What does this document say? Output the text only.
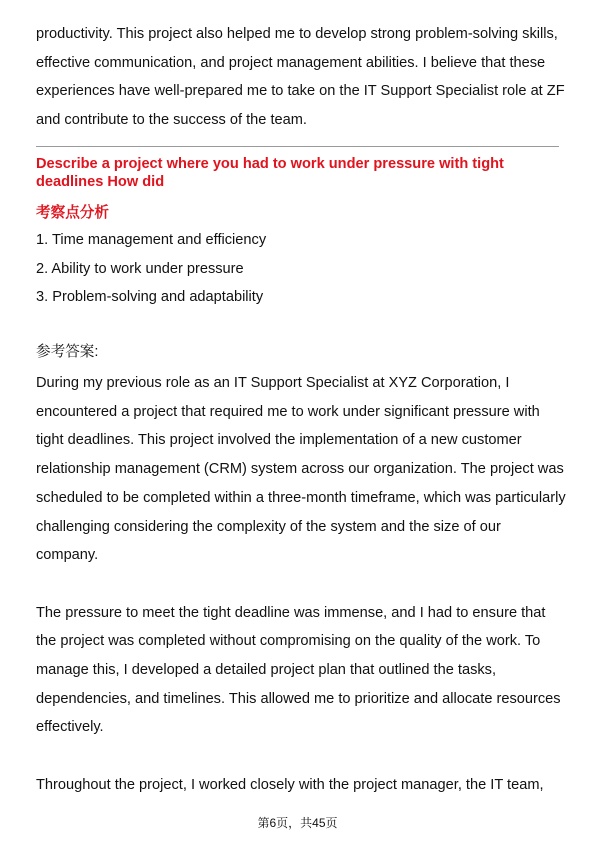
productivity. This project also helped me to develop strong problem-solving skills,
effective communication, and project management abilities. I believe that these
experiences have well-prepared me to take on the IT Support Specialist role at ZF
and contribute to the success of the team.
Describe a project where you had to work under pressure with tight
deadlines How did
考察点分析
1. Time management and efficiency
2. Ability to work under pressure
3. Problem-solving and adaptability
参考答案:
During my previous role as an IT Support Specialist at XYZ Corporation, I
encountered a project that required me to work under significant pressure with
tight deadlines. This project involved the implementation of a new customer
relationship management (CRM) system across our organization. The project was
scheduled to be completed within a three-month timeframe, which was particularly
challenging considering the complexity of the system and the size of our
company.

The pressure to meet the tight deadline was immense, and I had to ensure that
the project was completed without compromising on the quality of the work. To
manage this, I developed a detailed project plan that outlined the tasks,
dependencies, and timelines. This allowed me to prioritize and allocate resources
effectively.

Throughout the project, I worked closely with the project manager, the IT team,
第6页，共45页
